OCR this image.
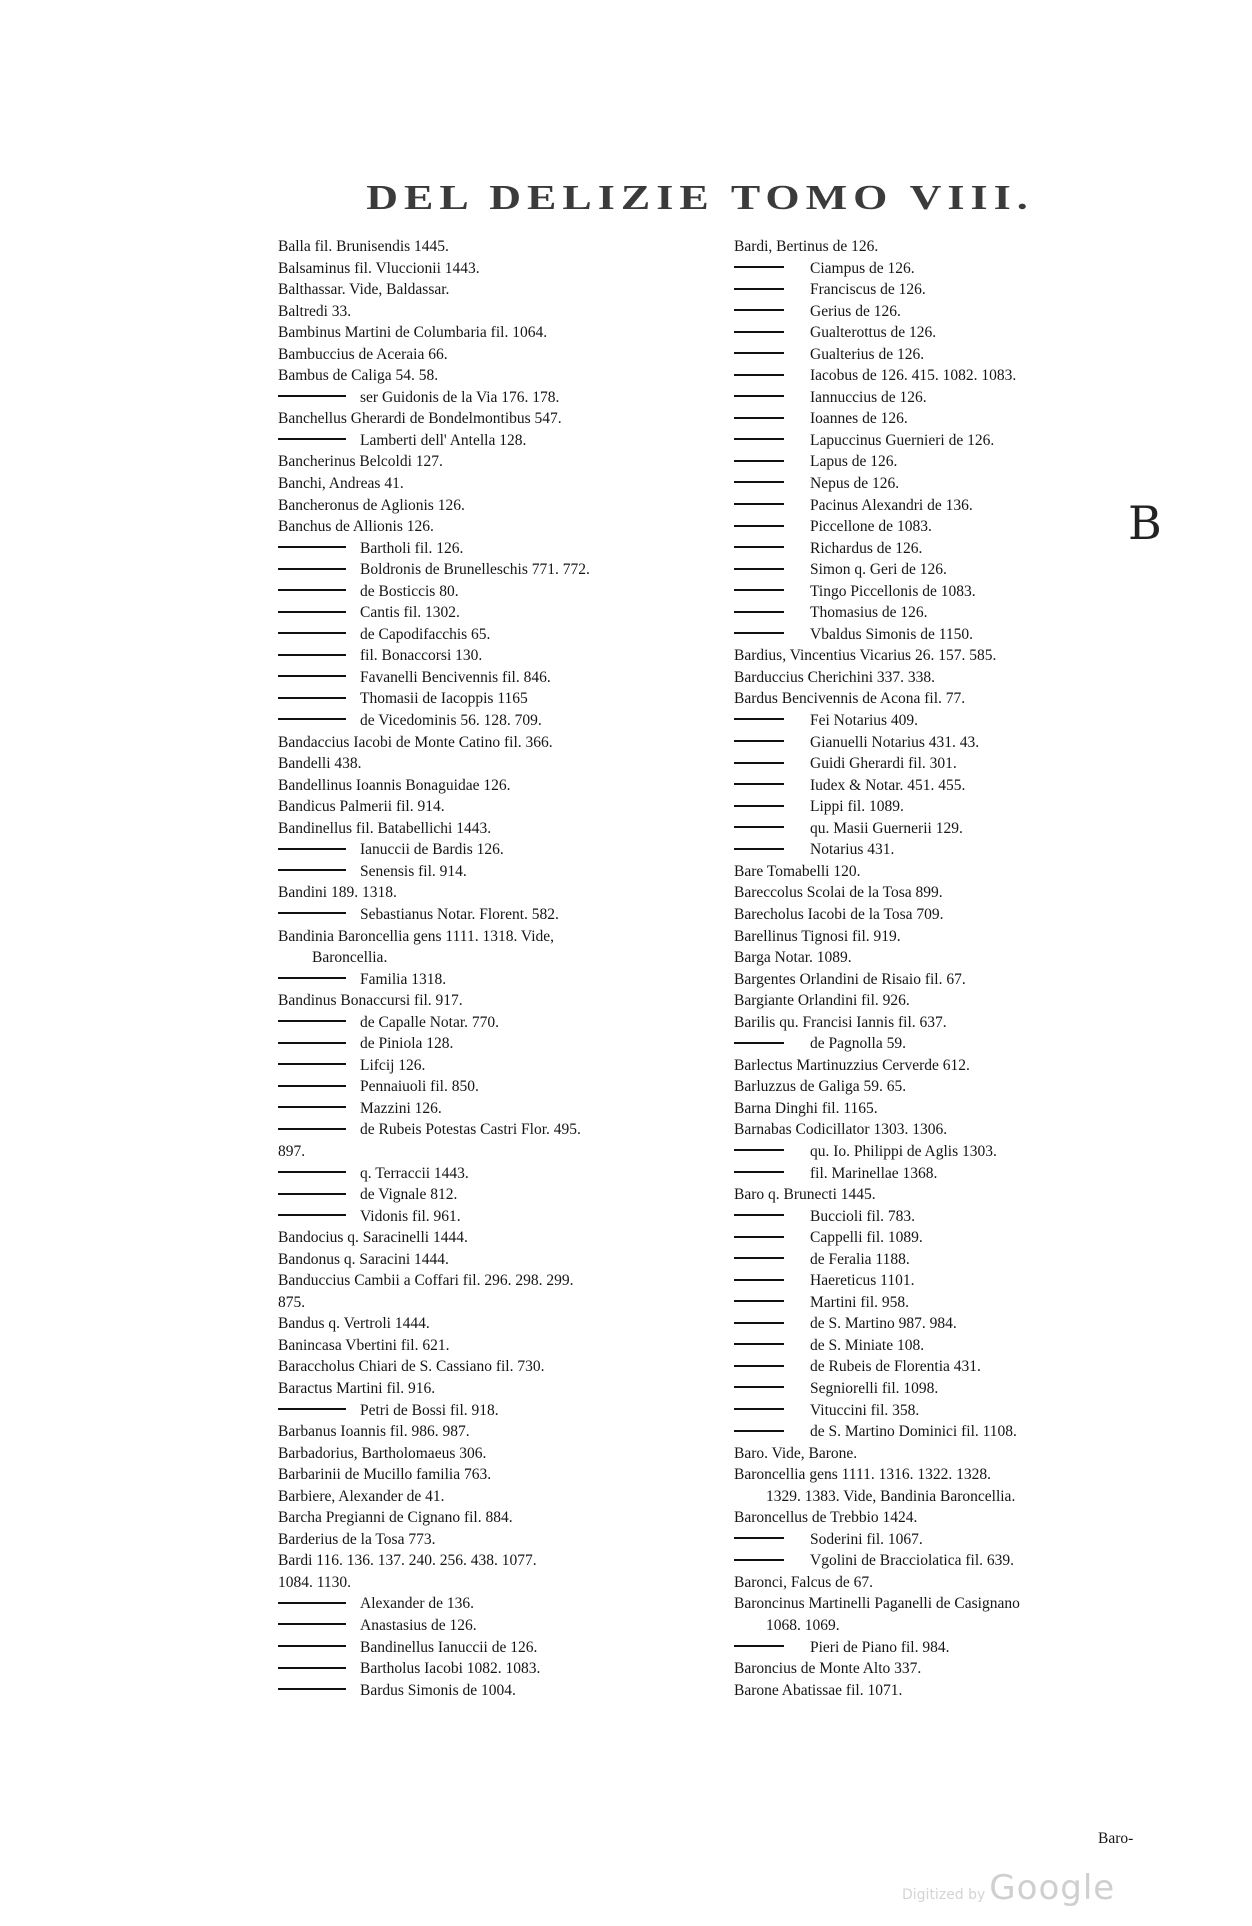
DEL DELIZIE TOMO VIII.
Balla fil. Brunisendis 1445.
Balsaminus fil. Vluccionii 1443.
Balthassar. Vide, Baldassar.
Baltredi 33.
Bambinus Martini de Columbaria fil. 1064.
Bambuccius de Aceraia 66.
Bambus de Caliga 54. 58.
ser Guidonis de la Via 176. 178.
Banchellus Gherardi de Bondelmontibus 547.
Lamberti dell' Antella 128.
Bancherinus Belcoldi 127.
Banchi, Andreas 41.
Bancheronus de Aglionis 126.
Banchus de Allionis 126.
Bartholi fil. 126.
Boldronis de Brunelleschis 771. 772.
de Bosticcis 80.
Cantis fil. 1302.
de Capodifacchis 65.
fil. Bonaccorsi 130.
Favanelli Bencivennis fil. 846.
Thomasii de Iacoppis 1165
de Vicedominis 56. 128. 709.
Bandaccius Iacobi de Monte Catino fil. 366.
Bandelli 438.
Bandellinus Ioannis Bonaguidae 126.
Bandicus Palmerii fil. 914.
Bandinellus fil. Batabellichi 1443.
Ianuccii de Bardis 126.
Senensis fil. 914.
Bandini 189. 1318.
Sebastianus Notar. Florent. 582.
Bandinia Baroncellia gens 1111. 1318. Vide,
Baroncellia.
Familia 1318.
Bandinus Bonaccursi fil. 917.
de Capalle Notar. 770.
de Piniola 128.
Lifcij 126.
Pennaiuoli fil. 850.
Mazzini 126.
de Rubeis Potestas Castri Flor. 495.
897.
q. Terraccii 1443.
de Vignale 812.
Vidonis fil. 961.
Bandocius q. Saracinelli 1444.
Bandonus q. Saracini 1444.
Banduccius Cambii a Coffari fil. 296. 298. 299.
875.
Bandus q. Vertroli 1444.
Banincasa Vbertini fil. 621.
Baraccholus Chiari de S. Cassiano fil. 730.
Baractus Martini fil. 916.
Petri de Bossi fil. 918.
Barbanus Ioannis fil. 986. 987.
Barbadorius, Bartholomaeus 306.
Barbarinii de Mucillo familia 763.
Barbiere, Alexander de 41.
Barcha Pregianni de Cignano fil. 884.
Barderius de la Tosa 773.
Bardi 116. 136. 137. 240. 256. 438. 1077.
1084. 1130.
Alexander de 136.
Anastasius de 126.
Bandinellus Ianuccii de 126.
Bartholus Iacobi 1082. 1083.
Bardus Simonis de 1004.
Bardi, Bertinus de 126.
Ciampus de 126.
Franciscus de 126.
Gerius de 126.
Gualterottus de 126.
Gualterius de 126.
Iacobus de 126. 415. 1082. 1083.
Iannuccius de 126.
Ioannes de 126.
Lapuccinus Guernieri de 126.
Lapus de 126.
Nepus de 126.
Pacinus Alexandri de 136.
Piccellone de 1083.
Richardus de 126.
Simon q. Geri de 126.
Tingo Piccellonis de 1083.
Thomasius de 126.
Vbaldus Simonis de 1150.
Bardius, Vincentius Vicarius 26. 157. 585.
Barduccius Cherichini 337. 338.
Bardus Bencivennis de Acona fil. 77.
Fei Notarius 409.
Gianuelli Notarius 431. 43.
Guidi Gherardi fil. 301.
Iudex & Notar. 451. 455.
Lippi fil. 1089.
qu. Masii Guernerii 129.
Notarius 431.
Bare Tomabelli 120.
Bareccolus Scolai de la Tosa 899.
Barecholus Iacobi de la Tosa 709.
Barellinus Tignosi fil. 919.
Barga Notar. 1089.
Bargentes Orlandini de Risaio fil. 67.
Bargiante Orlandini fil. 926.
Barilis qu. Francisi Iannis fil. 637.
de Pagnolla 59.
Barlectus Martinuzzius Cerverde 612.
Barluzzus de Galiga 59. 65.
Barna Dinghi fil. 1165.
Barnabas Codicillator 1303. 1306.
qu. Io. Philippi de Aglis 1303.
fil. Marinellae 1368.
Baro q. Brunecti 1445.
Buccioli fil. 783.
Cappelli fil. 1089.
de Feralia 1188.
Haereticus 1101.
Martini fil. 958.
de S. Martino 987. 984.
de S. Miniate 108.
de Rubeis de Florentia 431.
Segniorelli fil. 1098.
Vituccini fil. 358.
de S. Martino Dominici fil. 1108.
Baro. Vide, Barone.
Baroncellia gens 1111. 1316. 1322. 1328.
1329. 1383. Vide, Bandinia Baroncellia.
Baroncellus de Trebbio 1424.
Soderini fil. 1067.
Vgolini de Bracciolatica fil. 639.
Baronci, Falcus de 67.
Baroncinus Martinelli Paganelli de Casignano
1068. 1069.
Pieri de Piano fil. 984.
Baroncius de Monte Alto 337.
Barone Abatissae fil. 1071.
B
Baro-
Digitized by Google
